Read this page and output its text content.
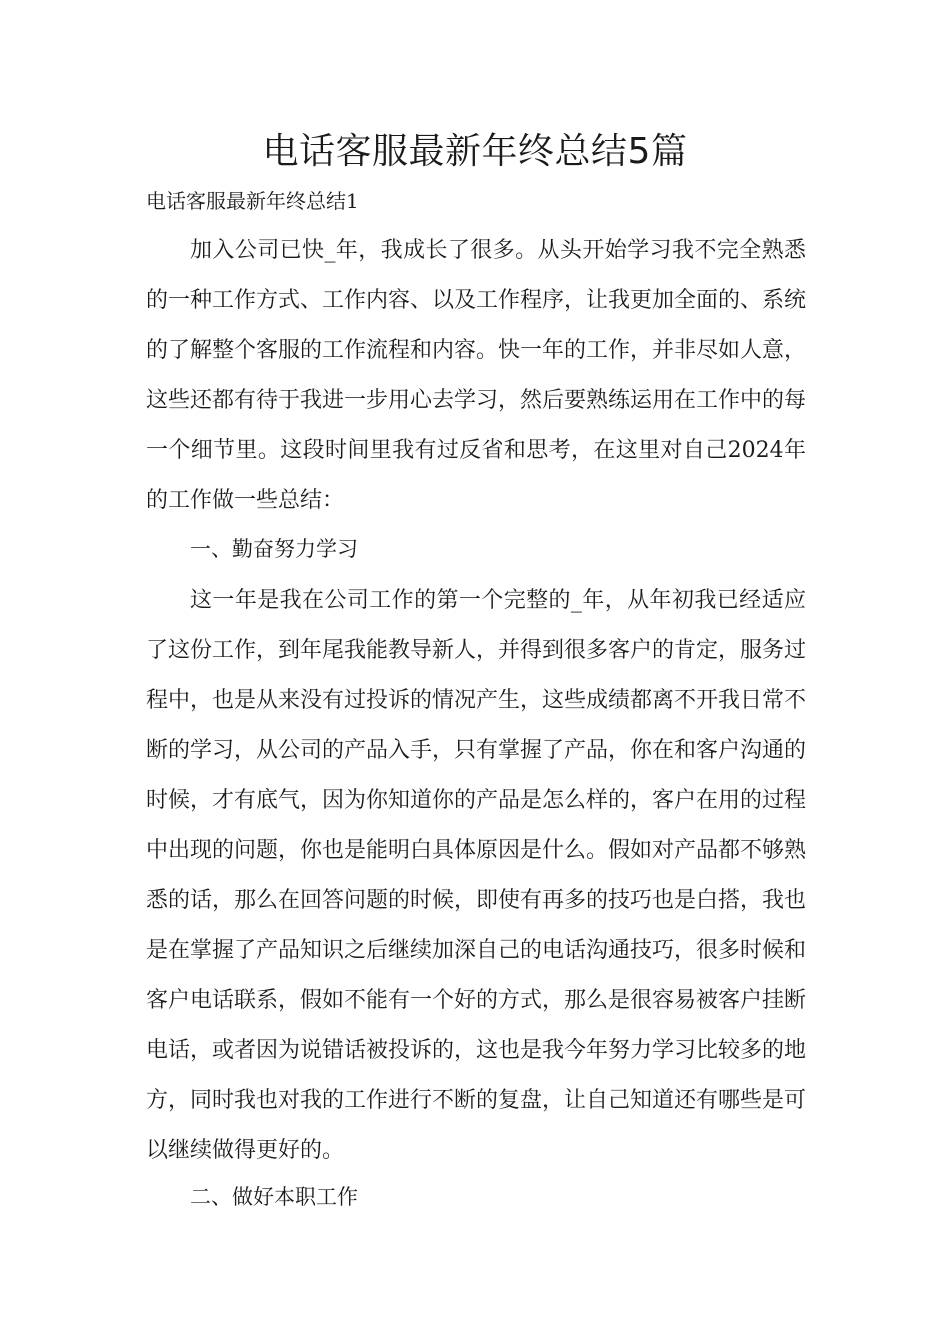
电话客服最新年终总结5篇

电话客服最新年终总结1

加入公司已快_年，我成长了很多。从头开始学习我不完全熟悉的一种工作方式、工作内容、以及工作程序，让我更加全面的、系统的了解整个客服的工作流程和内容。快一年的工作，并非尽如人意，这些还都有待于我进一步用心去学习，然后要熟练运用在工作中的每一个细节里。这段时间里我有过反省和思考，在这里对自己2024年的工作做一些总结：

一、勤奋努力学习

这一年是我在公司工作的第一个完整的_年，从年初我已经适应了这份工作，到年尾我能教导新人，并得到很多客户的肯定，服务过程中，也是从来没有过投诉的情况产生，这些成绩都离不开我日常不断的学习，从公司的产品入手，只有掌握了产品，你在和客户沟通的时候，才有底气，因为你知道你的产品是怎么样的，客户在用的过程中出现的问题，你也是能明白具体原因是什么。假如对产品都不够熟悉的话，那么在回答问题的时候，即使有再多的技巧也是白搭，我也是在掌握了产品知识之后继续加深自己的电话沟通技巧，很多时候和客户电话联系，假如不能有一个好的方式，那么是很容易被客户挂断电话，或者因为说错话被投诉的，这也是我今年努力学习比较多的地方，同时我也对我的工作进行不断的复盘，让自己知道还有哪些是可以继续做得更好的。

二、做好本职工作
